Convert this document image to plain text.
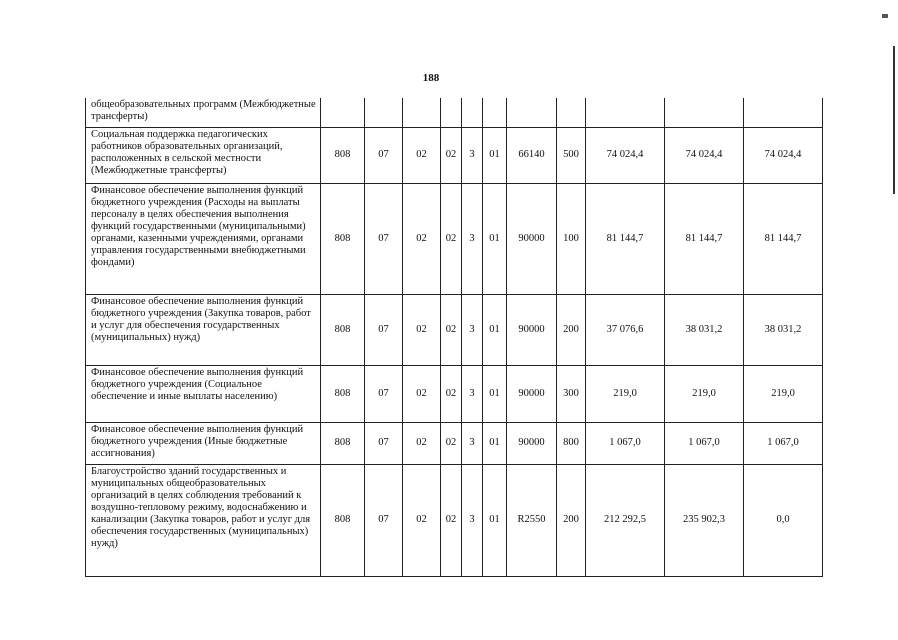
188
общеобразовательных программ (Межбюджетные трансферты)											
Социальная поддержка педагогических работников образовательных организаций, расположенных в сельской местности (Межбюджетные трансферты)	808	07	02	02	3	01	66140	500	74 024,4	74 024,4	74 024,4
Финансовое обеспечение выполнения функций бюджетного учреждения (Расходы на выплаты персоналу в целях обеспечения выполнения функций государственными (муниципальными) органами, казенными учреждениями, органами управления государственными внебюджетными фондами)	808	07	02	02	3	01	90000	100	81 144,7	81 144,7	81 144,7
Финансовое обеспечение выполнения функций бюджетного учреждения (Закупка товаров, работ и услуг для обеспечения государственных (муниципальных) нужд)	808	07	02	02	3	01	90000	200	37 076,6	38 031,2	38 031,2
Финансовое обеспечение выполнения функций бюджетного учреждения (Социальное обеспечение и иные выплаты населению)	808	07	02	02	3	01	90000	300	219,0	219,0	219,0
Финансовое обеспечение выполнения функций бюджетного учреждения (Иные бюджетные ассигнования)	808	07	02	02	3	01	90000	800	1 067,0	1 067,0	1 067,0
Благоустройство зданий государственных и муниципальных общеобразовательных организаций в целях соблюдения требований к воздушно-тепловому режиму, водоснабжению и канализации (Закупка товаров, работ и услуг для обеспечения государственных (муниципальных) нужд)	808	07	02	02	3	01	R2550	200	212 292,5	235 902,3	0,0
